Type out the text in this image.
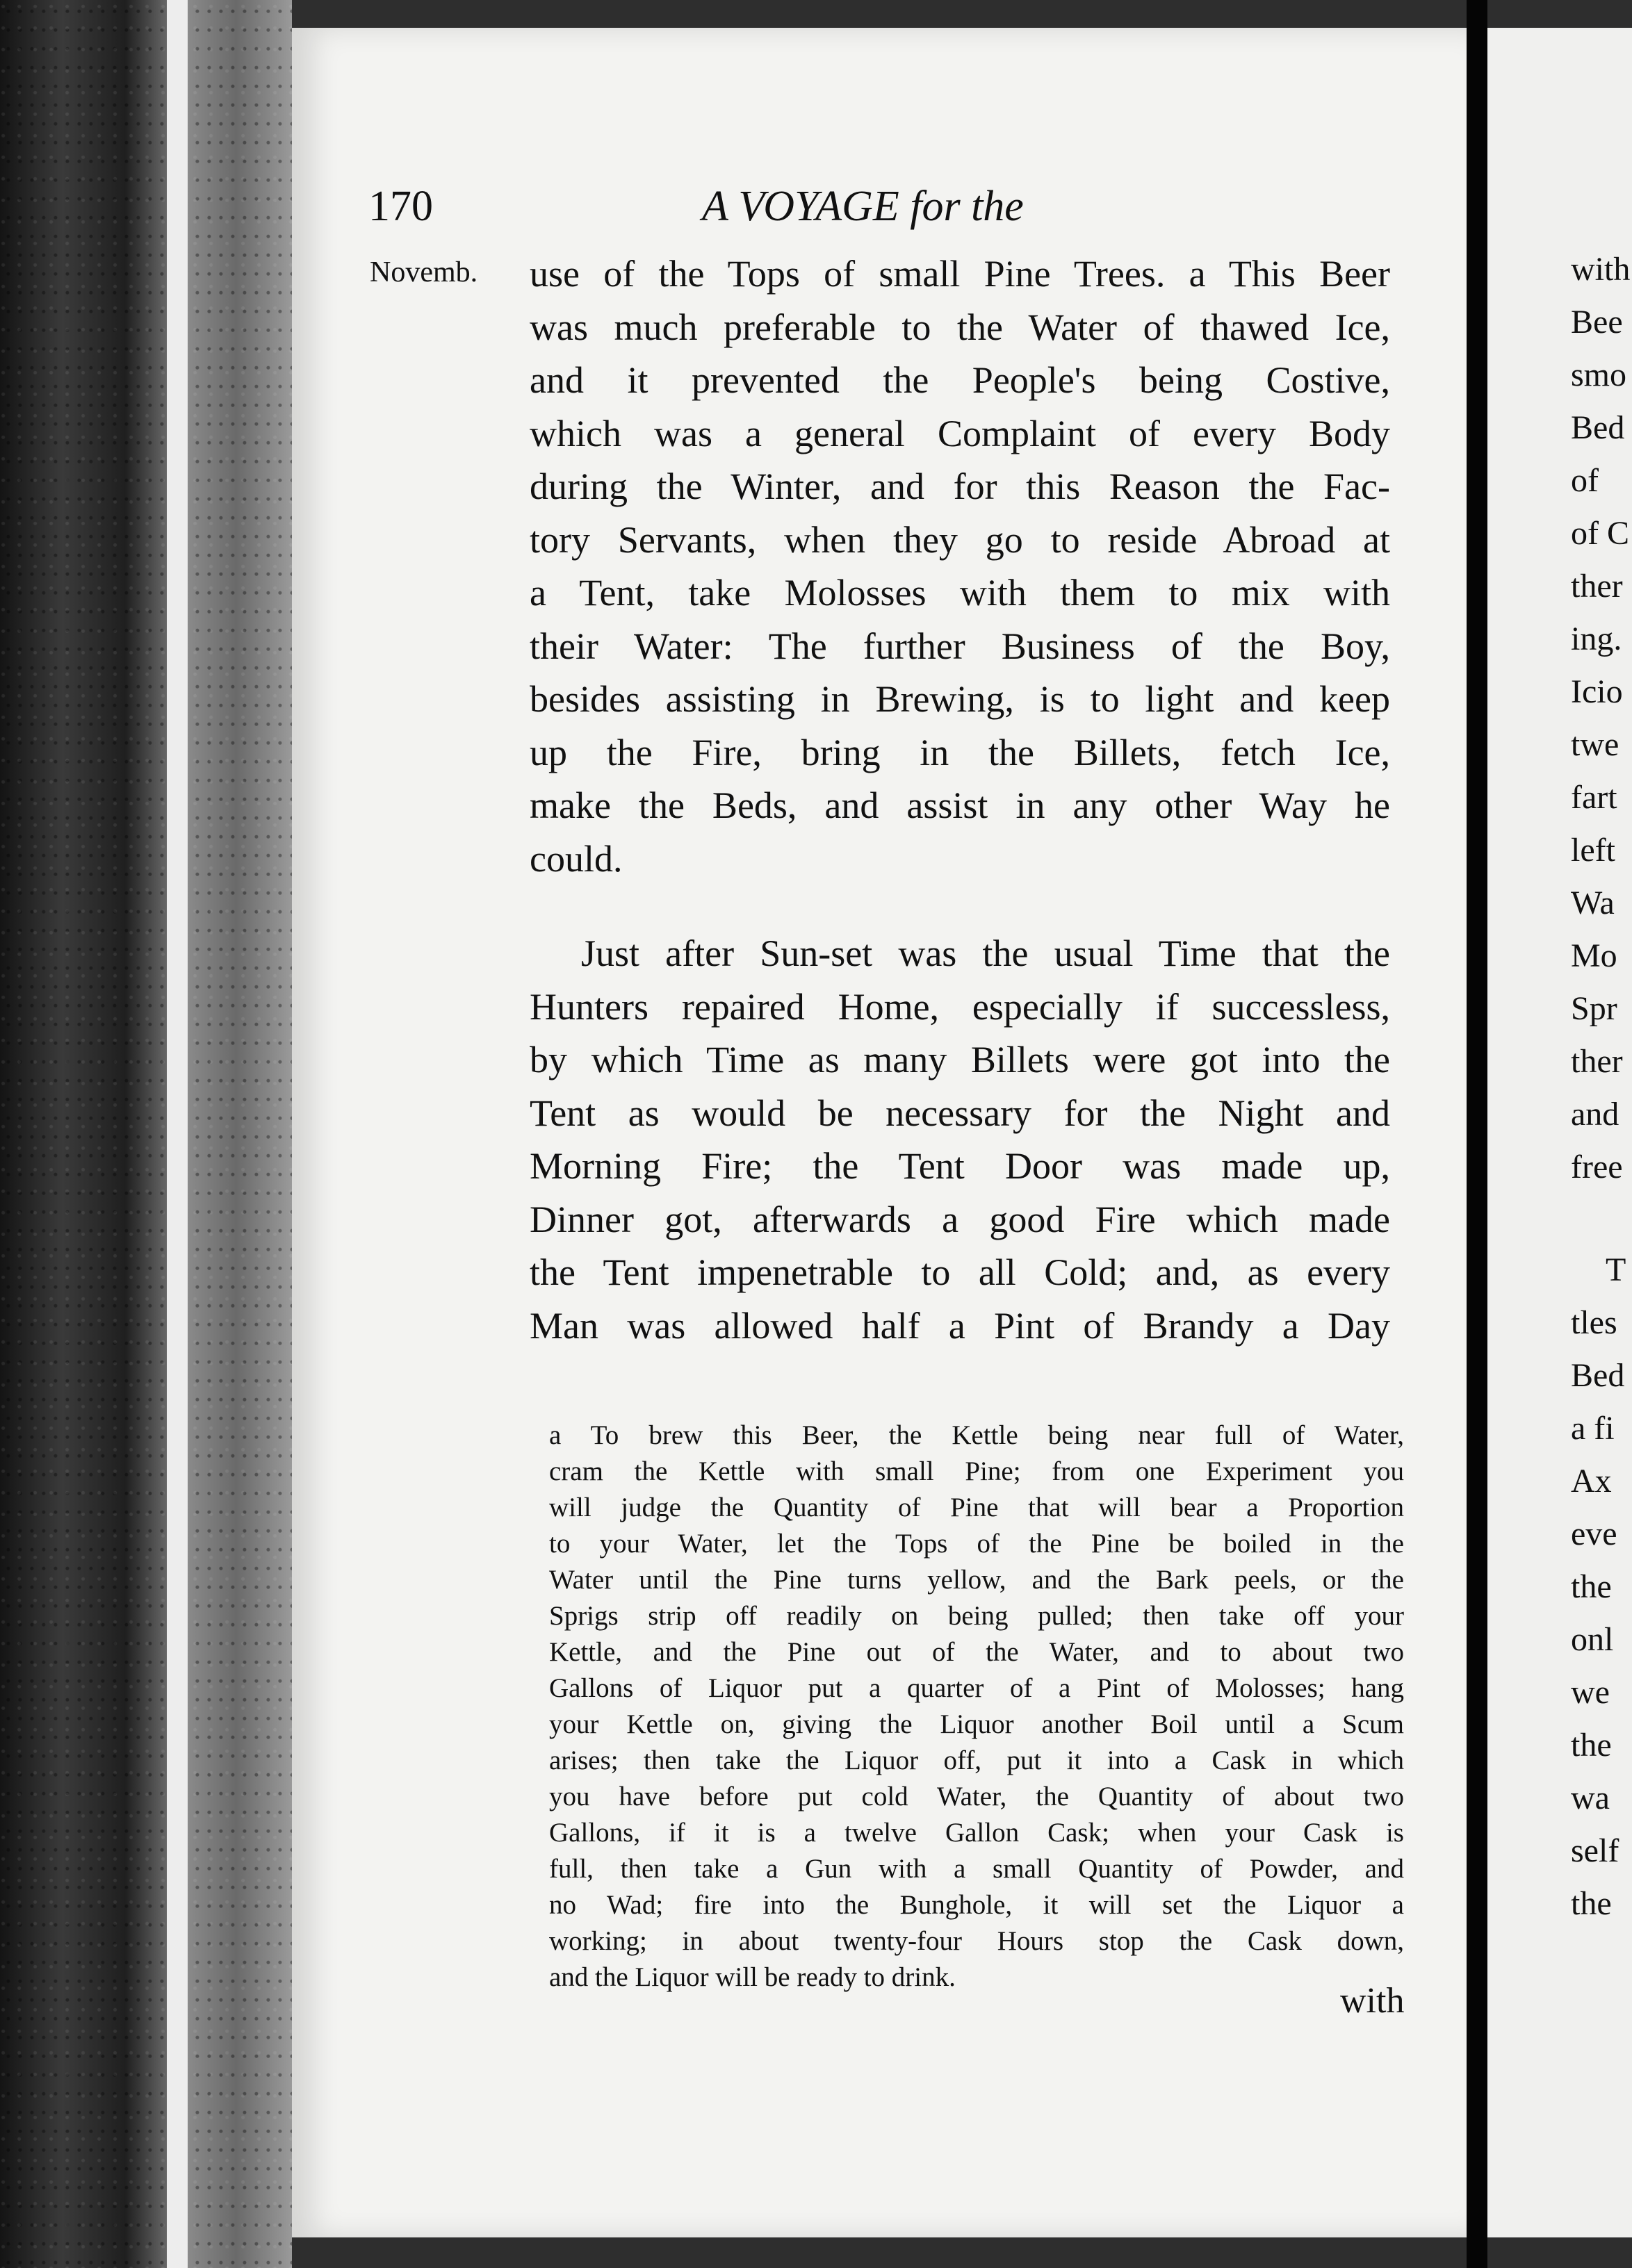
170	A VOYAGE for the
Novemb. use of the Tops of small Pine Trees. a This Beer
was much preferable to the Water of thawed Ice,
and it prevented the People's being Costive,
which was a general Complaint of every Body
during the Winter, and for this Reason the Fac-
tory Servants, when they go to reside Abroad at
a Tent, take Molosses with them to mix with
their Water: The further Business of the Boy,
besides assisting in Brewing, is to light and keep
up the Fire, bring in the Billets, fetch Ice,
make the Beds, and assist in any other Way he
could.
Just after Sun-set was the usual Time that the
Hunters repaired Home, especially if successless,
by which Time as many Billets were got into the
Tent as would be necessary for the Night and
Morning Fire; the Tent Door was made up,
Dinner got, afterwards a good Fire which made
the Tent impenetrable to all Cold; and, as every
Man was allowed half a Pint of Brandy a Day
a To brew this Beer, the Kettle being near full of Water,
cram the Kettle with small Pine; from one Experiment you
will judge the Quantity of Pine that will bear a Proportion
to your Water, let the Tops of the Pine be boiled in the
Water until the Pine turns yellow, and the Bark peels, or the
Sprigs strip off readily on being pulled; then take off your
Kettle, and the Pine out of the Water, and to about two
Gallons of Liquor put a quarter of a Pint of Molosses; hang
your Kettle on, giving the Liquor another Boil until a Scum
arises; then take the Liquor off, put it into a Cask in which
you have before put cold Water, the Quantity of about two
Gallons, if it is a twelve Gallon Cask; when your Cask is
full, then take a Gun with a small Quantity of Powder, and
no Wad; fire into the Bunghole, it will set the Liquor a
working; in about twenty-four Hours stop the Cask down,
and the Liquor will be ready to drink.
with

with

Bee

smo

Bed

of

of C

ther

ing.

Icio

twe

fart

left

Wa

Mo

Spr

ther

and

free

T

tles

Bed

a fi

Ax

eve

the

onl

we

the

wa

self

the
